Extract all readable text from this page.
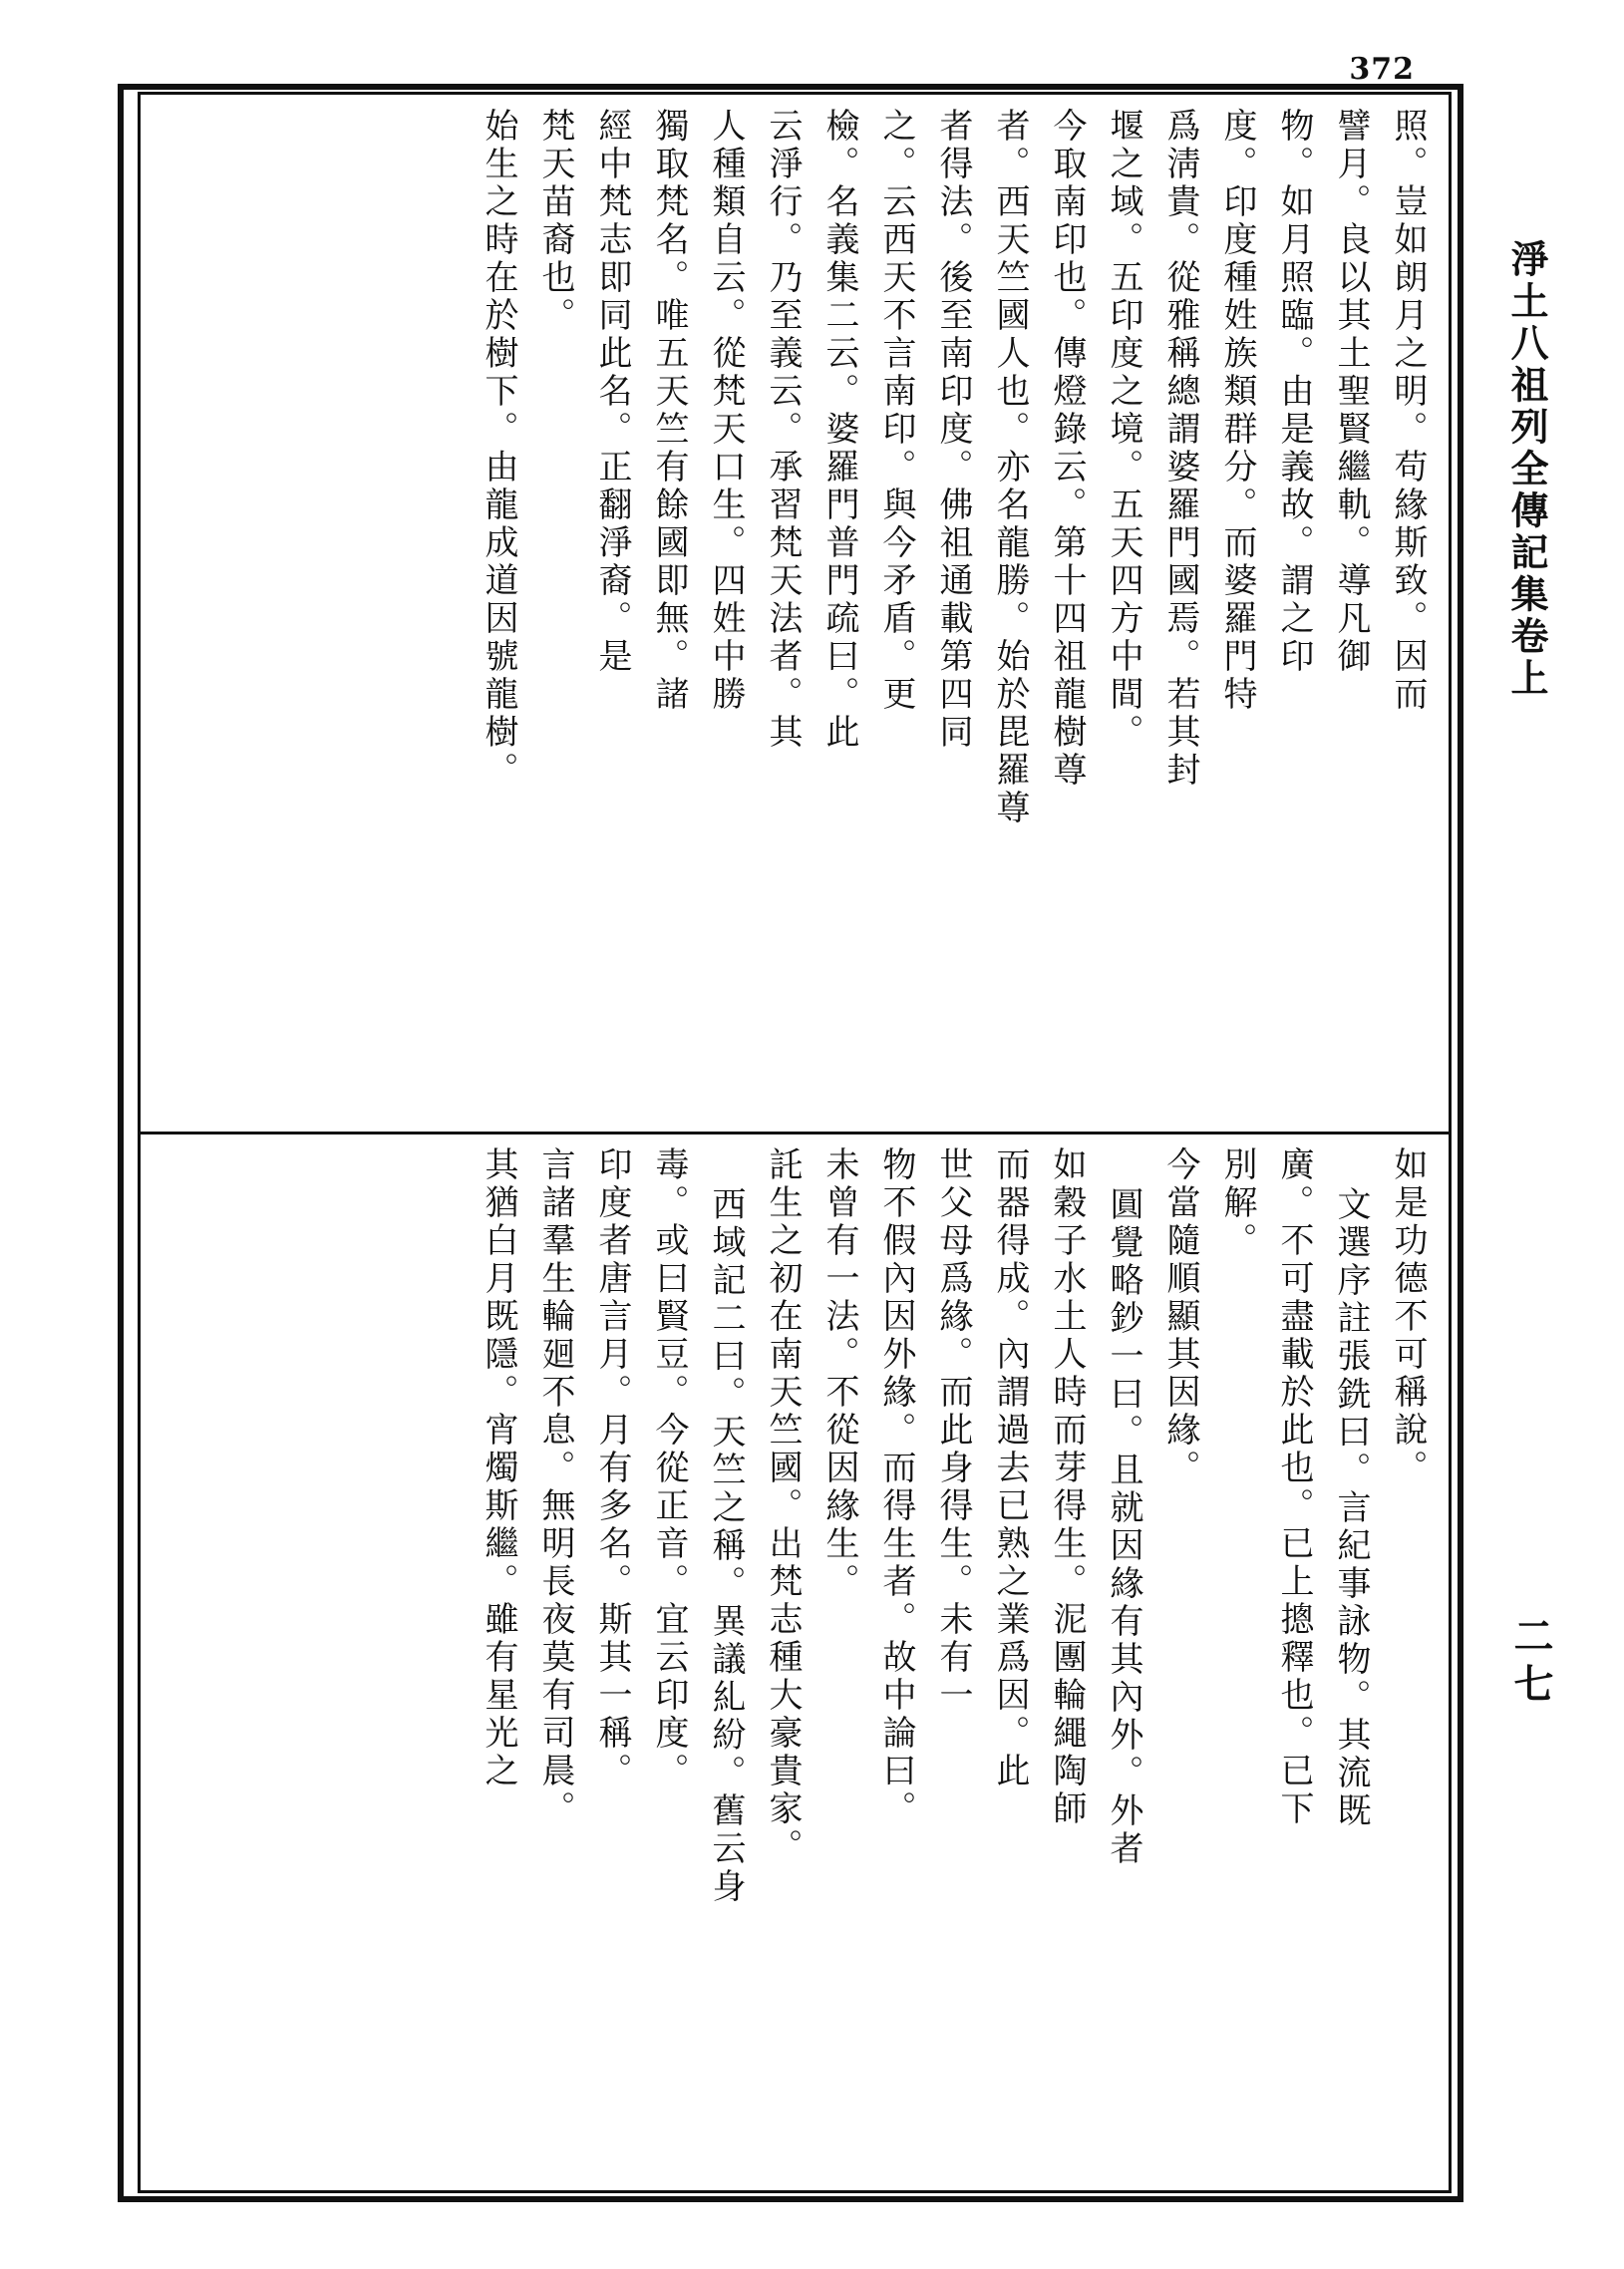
372
淨土八祖列全傳記集卷上
二七
照。豈如朗月之明。苟緣斯致。因而
譬月。良以其土聖賢繼軌。導凡御
物。如月照臨。由是義故。謂之印
度。印度種姓族類群分。而婆羅門特
爲淸貴。從雅稱總謂婆羅門國焉。若其封
堰之域。五印度之境。五天四方中間。
今取南印也。傳燈錄云。第十四祖龍樹尊
者。西天竺國人也。亦名龍勝。始於毘羅尊
者得法。後至南印度。佛祖通載第四同
之。云西天不言南印。與今矛盾。更
檢。名義集二云。婆羅門普門疏曰。此
云淨行。乃至義云。承習梵天法者。其
人種類自云。從梵天口生。四姓中勝
獨取梵名。唯五天竺有餘國即無。諸
經中梵志即同此名。正翻淨裔。是
梵天苗裔也。
始生之時在於樹下。由龍成道因號龍樹。
如是功德不可稱說。
文選序註張銑曰。言紀事詠物。其流既
廣。不可盡載於此也。已上摠釋也。已下
別解。
今當隨順顯其因緣。
圓覺略鈔一曰。且就因緣有其內外。外者
如穀子水土人時而芽得生。泥團輪繩陶師
而器得成。內謂過去已熟之業爲因。此
世父母爲緣。而此身得生。未有一
物不假內因外緣。而得生者。故中論曰。
未曾有一法。不從因緣生。
託生之初在南天竺國。出梵志種大豪貴家。
西域記二曰。天竺之稱。異議糺紛。舊云身
毒。或曰賢豆。今從正音。宜云印度。
印度者唐言月。月有多名。斯其一稱。
言諸羣生輪廻不息。無明長夜莫有司晨。
其猶白月既隱。宵燭斯繼。雖有星光之
